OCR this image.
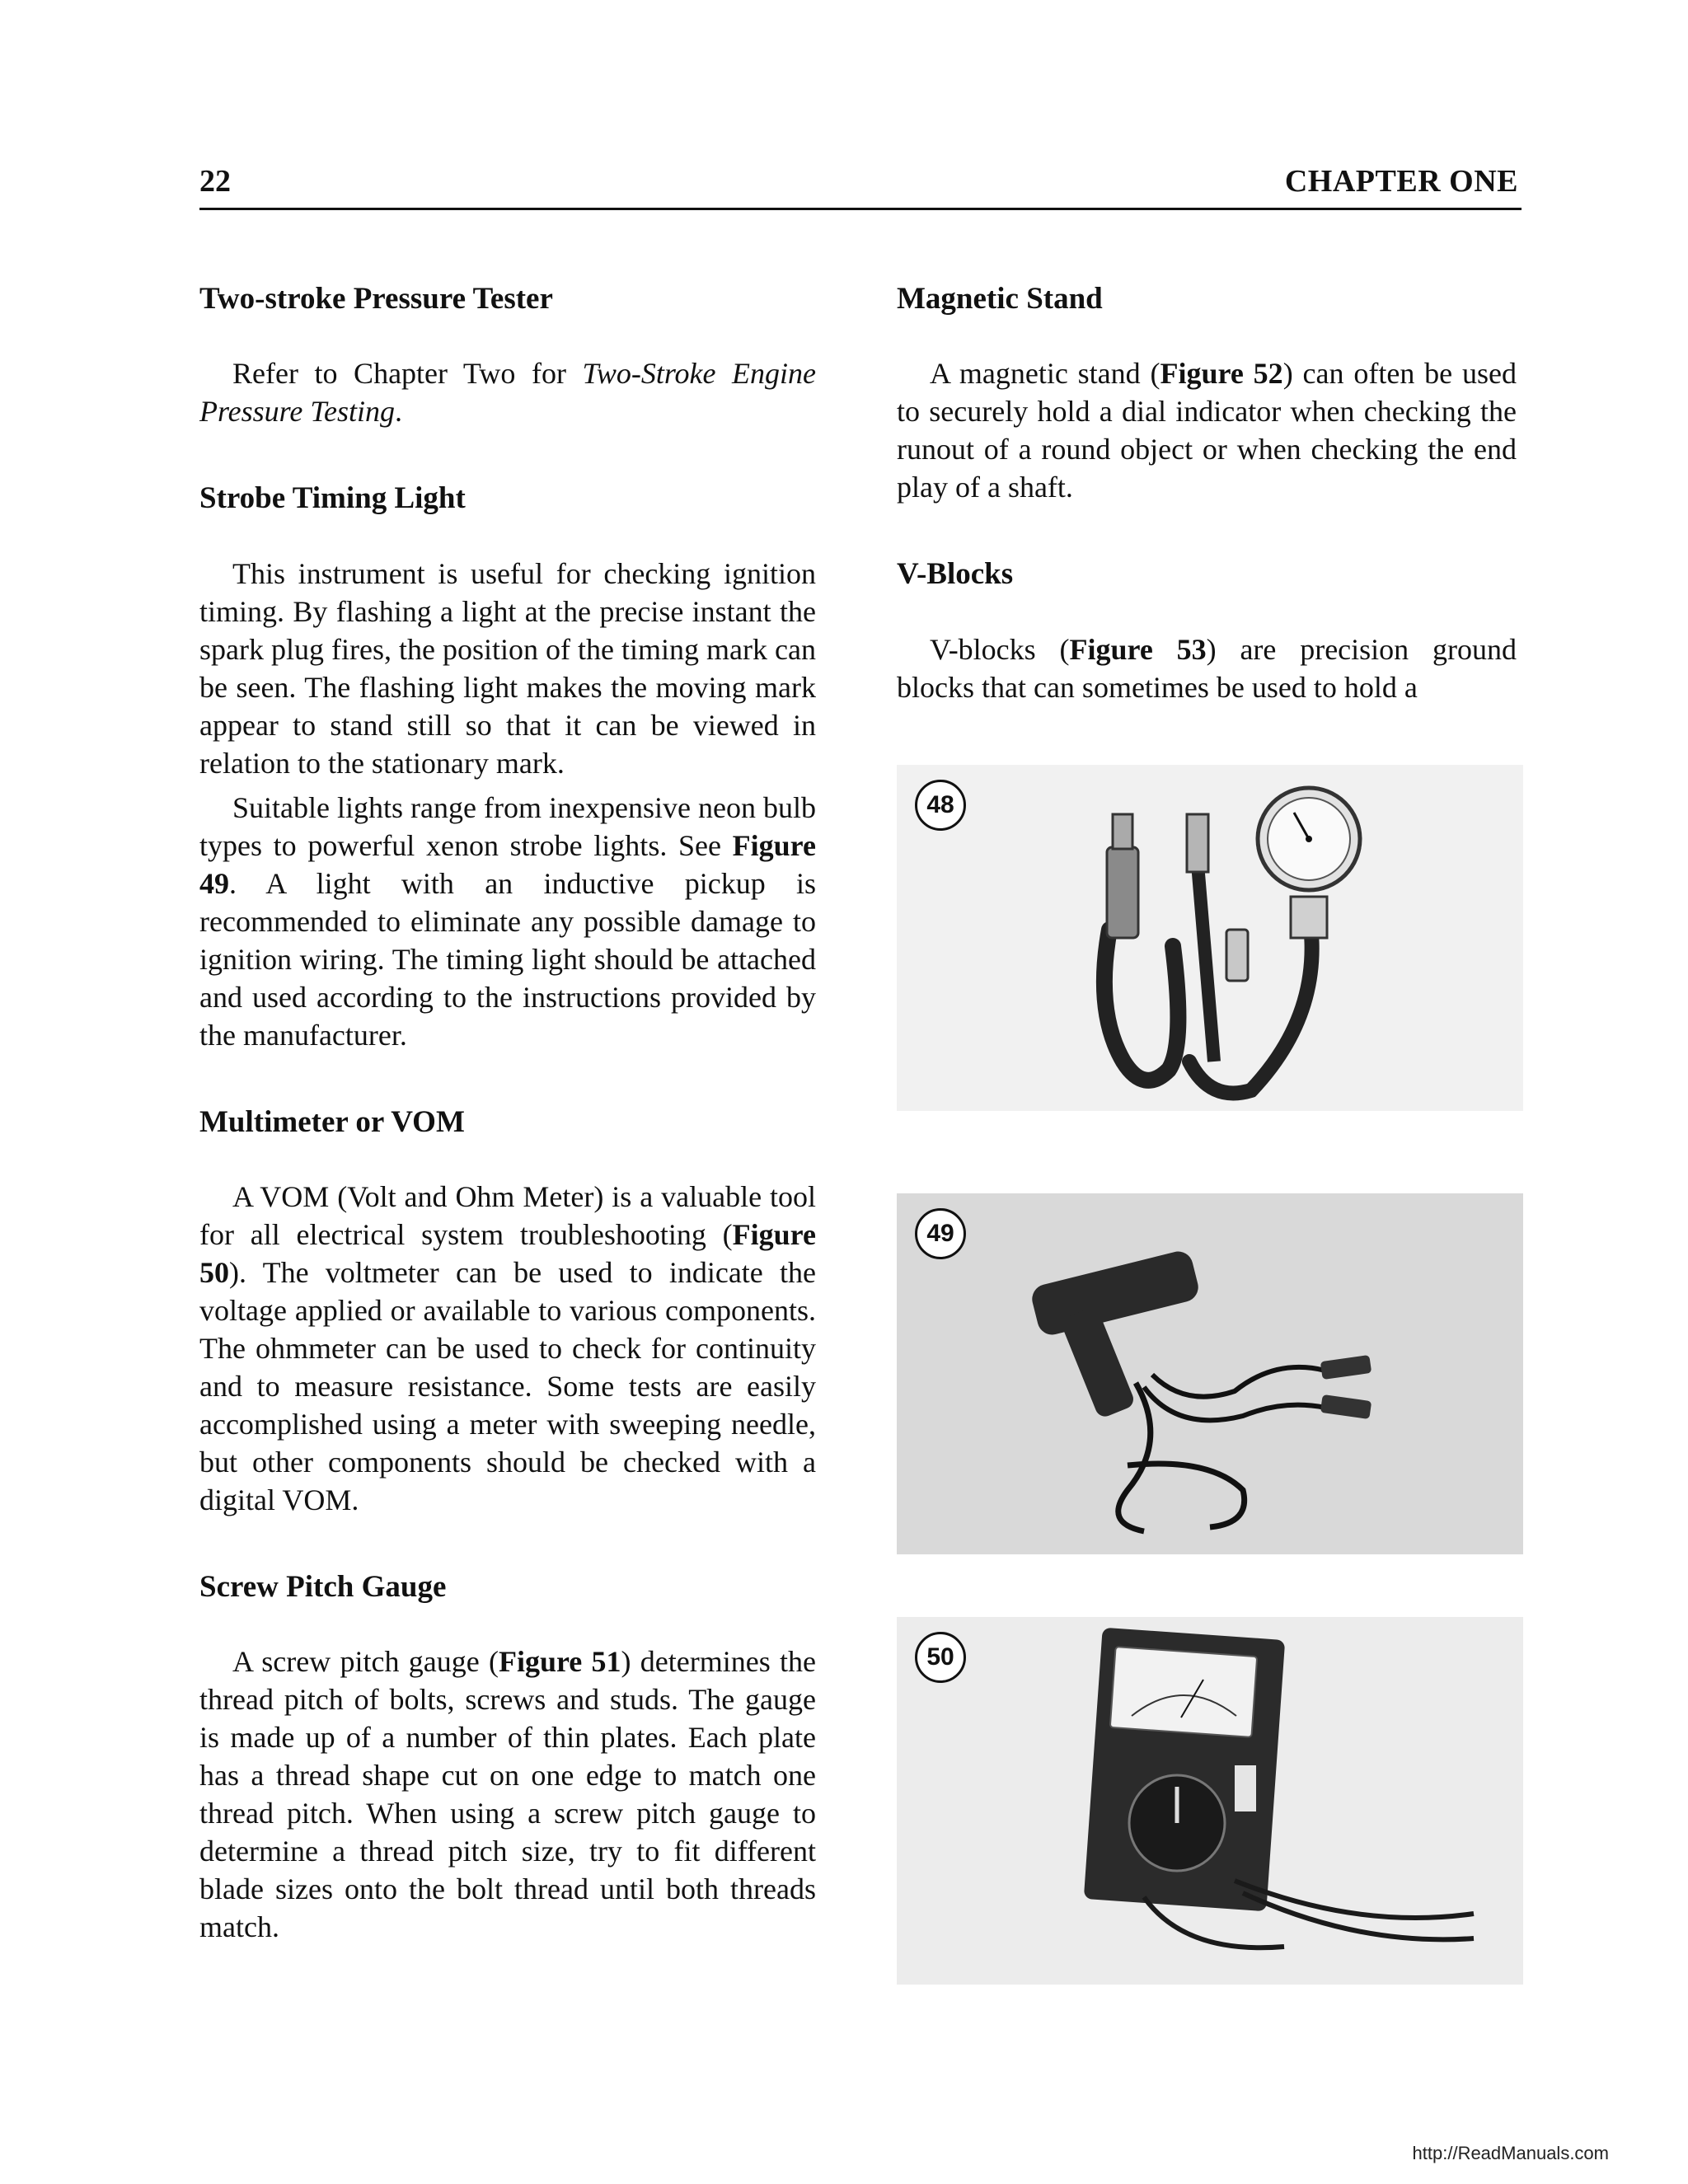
22	CHAPTER ONE
Two-stroke Pressure Tester

Refer to Chapter Two for Two-Stroke Engine Pressure Testing.

Strobe Timing Light

This instrument is useful for checking ignition timing. By flashing a light at the precise instant the spark plug fires, the position of the timing mark can be seen. The flashing light makes the moving mark appear to stand still so that it can be viewed in relation to the stationary mark.

Suitable lights range from inexpensive neon bulb types to powerful xenon strobe lights. See Figure 49. A light with an inductive pickup is recommended to eliminate any possible damage to ignition wiring. The timing light should be attached and used according to the instructions provided by the manufacturer.

Multimeter or VOM

A VOM (Volt and Ohm Meter) is a valuable tool for all electrical system troubleshooting (Figure 50). The voltmeter can be used to indicate the voltage applied or available to various components. The ohmmeter can be used to check for continuity and to measure resistance. Some tests are easily accomplished using a meter with sweeping needle, but other components should be checked with a digital VOM.

Screw Pitch Gauge

A screw pitch gauge (Figure 51) determines the thread pitch of bolts, screws and studs. The gauge is made up of a number of thin plates. Each plate has a thread shape cut on one edge to match one thread pitch. When using a screw pitch gauge to determine a thread pitch size, try to fit different blade sizes onto the bolt thread until both threads match.

Magnetic Stand

A magnetic stand (Figure 52) can often be used to securely hold a dial indicator when checking the runout of a round object or when checking the end play of a shaft.

V-Blocks

V-blocks (Figure 53) are precision ground blocks that can sometimes be used to hold a

48
49
50
http://ReadManuals.com
